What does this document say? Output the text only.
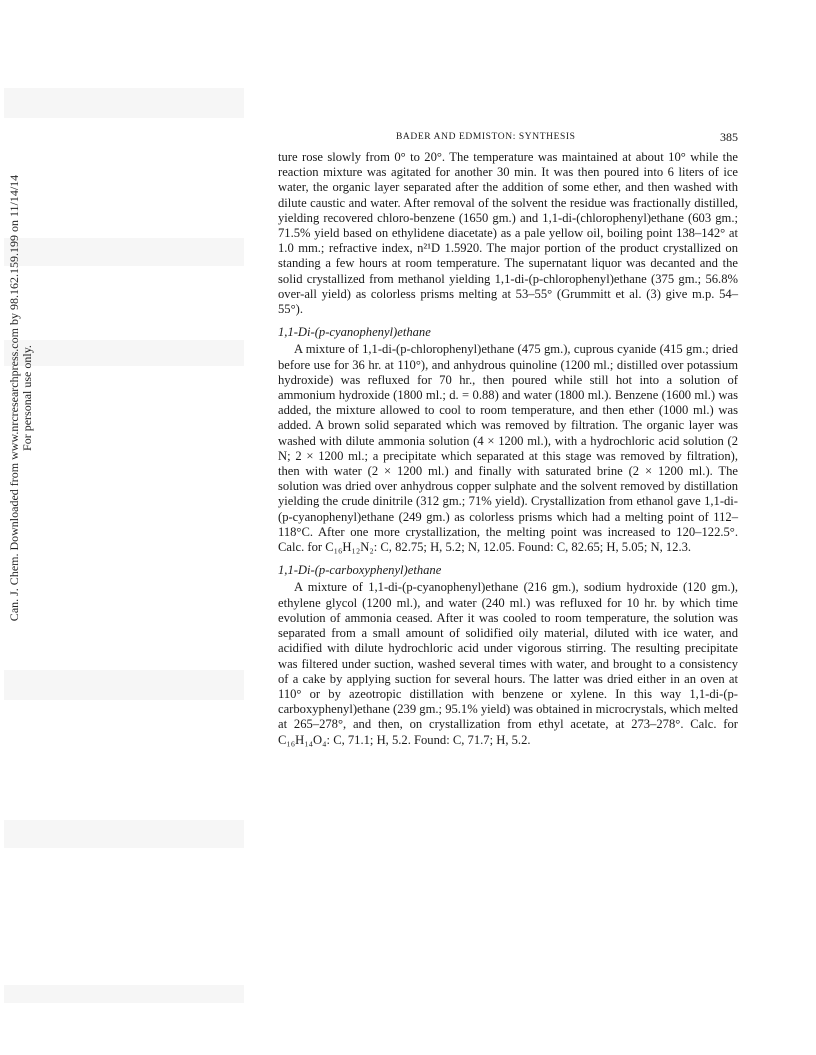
Can. J. Chem. Downloaded from www.nrcresearchpress.com by 98.162.159.199 on 11/14/14 For personal use only.
BADER AND EDMISTON: SYNTHESIS	385

ture rose slowly from 0° to 20°. The temperature was maintained at about 10° while the reaction mixture was agitated for another 30 min. It was then poured into 6 liters of ice water, the organic layer separated after the addition of some ether, and then washed with dilute caustic and water. After removal of the solvent the residue was fractionally distilled, yielding recovered chloro-benzene (1650 gm.) and 1,1-di-(chlorophenyl)ethane (603 gm.; 71.5% yield based on ethylidene diacetate) as a pale yellow oil, boiling point 138–142° at 1.0 mm.; refractive index, n²¹D 1.5920. The major portion of the product crystallized on standing a few hours at room temperature. The supernatant liquor was decanted and the solid crystallized from methanol yielding 1,1-di-(p-chlorophenyl)ethane (375 gm.; 56.8% over-all yield) as colorless prisms melting at 53–55° (Grummitt et al. (3) give m.p. 54–55°).

1,1-Di-(p-cyanophenyl)ethane

A mixture of 1,1-di-(p-chlorophenyl)ethane (475 gm.), cuprous cyanide (415 gm.; dried before use for 36 hr. at 110°), and anhydrous quinoline (1200 ml.; distilled over potassium hydroxide) was refluxed for 70 hr., then poured while still hot into a solution of ammonium hydroxide (1800 ml.; d. = 0.88) and water (1800 ml.). Benzene (1600 ml.) was added, the mixture allowed to cool to room temperature, and then ether (1000 ml.) was added. A brown solid separated which was removed by filtration. The organic layer was washed with dilute ammonia solution (4 × 1200 ml.), with a hydrochloric acid solution (2 N; 2 × 1200 ml.; a precipitate which separated at this stage was removed by filtration), then with water (2 × 1200 ml.) and finally with saturated brine (2 × 1200 ml.). The solution was dried over anhydrous copper sulphate and the solvent removed by distillation yielding the crude dinitrile (312 gm.; 71% yield). Crystallization from ethanol gave 1,1-di-(p-cyanophenyl)ethane (249 gm.) as colorless prisms which had a melting point of 112–118°C. After one more crystallization, the melting point was increased to 120–122.5°. Calc. for C₁₆H₁₂N₂: C, 82.75; H, 5.2; N, 12.05. Found: C, 82.65; H, 5.05; N, 12.3.

1,1-Di-(p-carboxyphenyl)ethane

A mixture of 1,1-di-(p-cyanophenyl)ethane (216 gm.), sodium hydroxide (120 gm.), ethylene glycol (1200 ml.), and water (240 ml.) was refluxed for 10 hr. by which time evolution of ammonia ceased. After it was cooled to room temperature, the solution was separated from a small amount of solidified oily material, diluted with ice water, and acidified with dilute hydrochloric acid under vigorous stirring. The resulting precipitate was filtered under suction, washed several times with water, and brought to a consistency of a cake by applying suction for several hours. The latter was dried either in an oven at 110° or by azeotropic distillation with benzene or xylene. In this way 1,1-di-(p-carboxyphenyl)ethane (239 gm.; 95.1% yield) was obtained in microcrystals, which melted at 265–278°, and then, on crystallization from ethyl acetate, at 273–278°. Calc. for C₁₆H₁₄O₄: C, 71.1; H, 5.2. Found: C, 71.7; H, 5.2.
